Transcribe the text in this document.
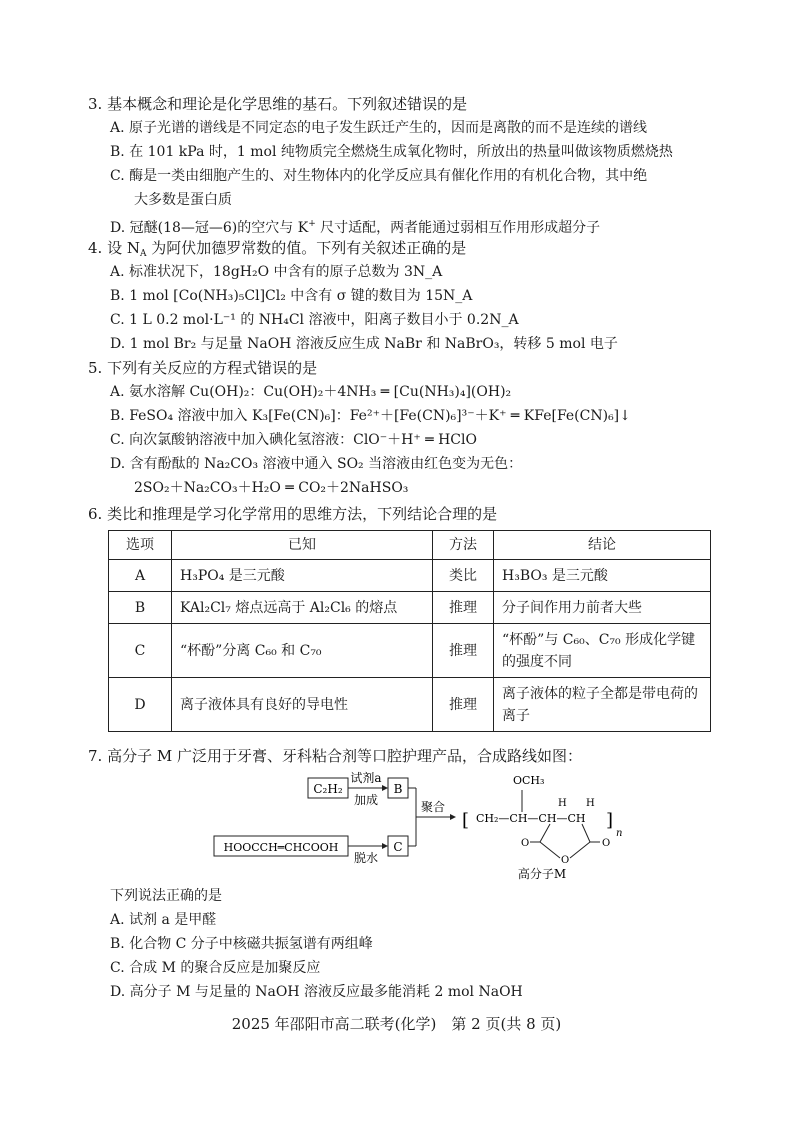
3. 基本概念和理论是化学思维的基石。下列叙述错误的是
A. 原子光谱的谱线是不同定态的电子发生跃迁产生的，因而是离散的而不是连续的谱线
B. 在 101 kPa 时，1 mol 纯物质完全燃烧生成氧化物时，所放出的热量叫做该物质燃烧热
C. 酶是一类由细胞产生的、对生物体内的化学反应具有催化作用的有机化合物，其中绝
大多数是蛋白质
D. 冠醚(18—冠—6)的空穴与 K+ 尺寸适配，两者能通过弱相互作用形成超分子
4. 设 $N_A$ 为阿伏加德罗常数的值。下列有关叙述正确的是
A. 标准状况下，18gH₂O 中含有的原子总数为 3N_A
B. 1 mol [Co(NH₃)₅Cl]Cl₂ 中含有 σ 键的数目为 15N_A
C. 1 L 0.2 mol·L⁻¹ 的 NH₄Cl 溶液中，阳离子数目小于 0.2N_A
D. 1 mol Br₂ 与足量 NaOH 溶液反应生成 NaBr 和 NaBrO₃，转移 5 mol 电子
5. 下列有关反应的方程式错误的是
A. 氨水溶解 Cu(OH)₂：Cu(OH)₂＋4NH₃ ═ [Cu(NH₃)₄](OH)₂
B. FeSO₄ 溶液中加入 K₃[Fe(CN)₆]：Fe²⁺＋[Fe(CN)₆]³⁻＋K⁺ ═ KFe[Fe(CN)₆]↓
C. 向次氯酸钠溶液中加入碘化氢溶液：ClO⁻＋H⁺ ═ HClO
D. 含有酚酞的 Na₂CO₃ 溶液中通入 SO₂ 当溶液由红色变为无色：
2SO₂＋Na₂CO₃＋H₂O ═ CO₂＋2NaHSO₃
6. 类比和推理是学习化学常用的思维方法，下列结论合理的是
选项	已知	方法	结论
A	H₃PO₄ 是三元酸	类比	H₃BO₃ 是三元酸
B	KAl₂Cl₇ 熔点远高于 Al₂Cl₆ 的熔点	推理	分子间作用力前者大些
C	“杯酚”分离 C₆₀ 和 C₇₀	推理	“杯酚”与 C₆₀、C₇₀ 形成化学键的强度不同
D	离子液体具有良好的导电性	推理	离子液体的粒子全都是带电荷的离子
7. 高分子 M 广泛用于牙膏、牙科粘合剂等口腔护理产品，合成路线如图：
C₂H₂
试剂a
加成
B
HOOCCH═CHCOOH
脱水
C
聚合
[ CH₂—CH—CH—CH
OCH₃
H H
]
n
O
O	O
高分子M
下列说法正确的是
A. 试剂 a 是甲醛
B. 化合物 C 分子中核磁共振氢谱有两组峰
C. 合成 M 的聚合反应是加聚反应
D. 高分子 M 与足量的 NaOH 溶液反应最多能消耗 2 mol NaOH
2025 年邵阳市高二联考(化学)　第 2 页(共 8 页)
